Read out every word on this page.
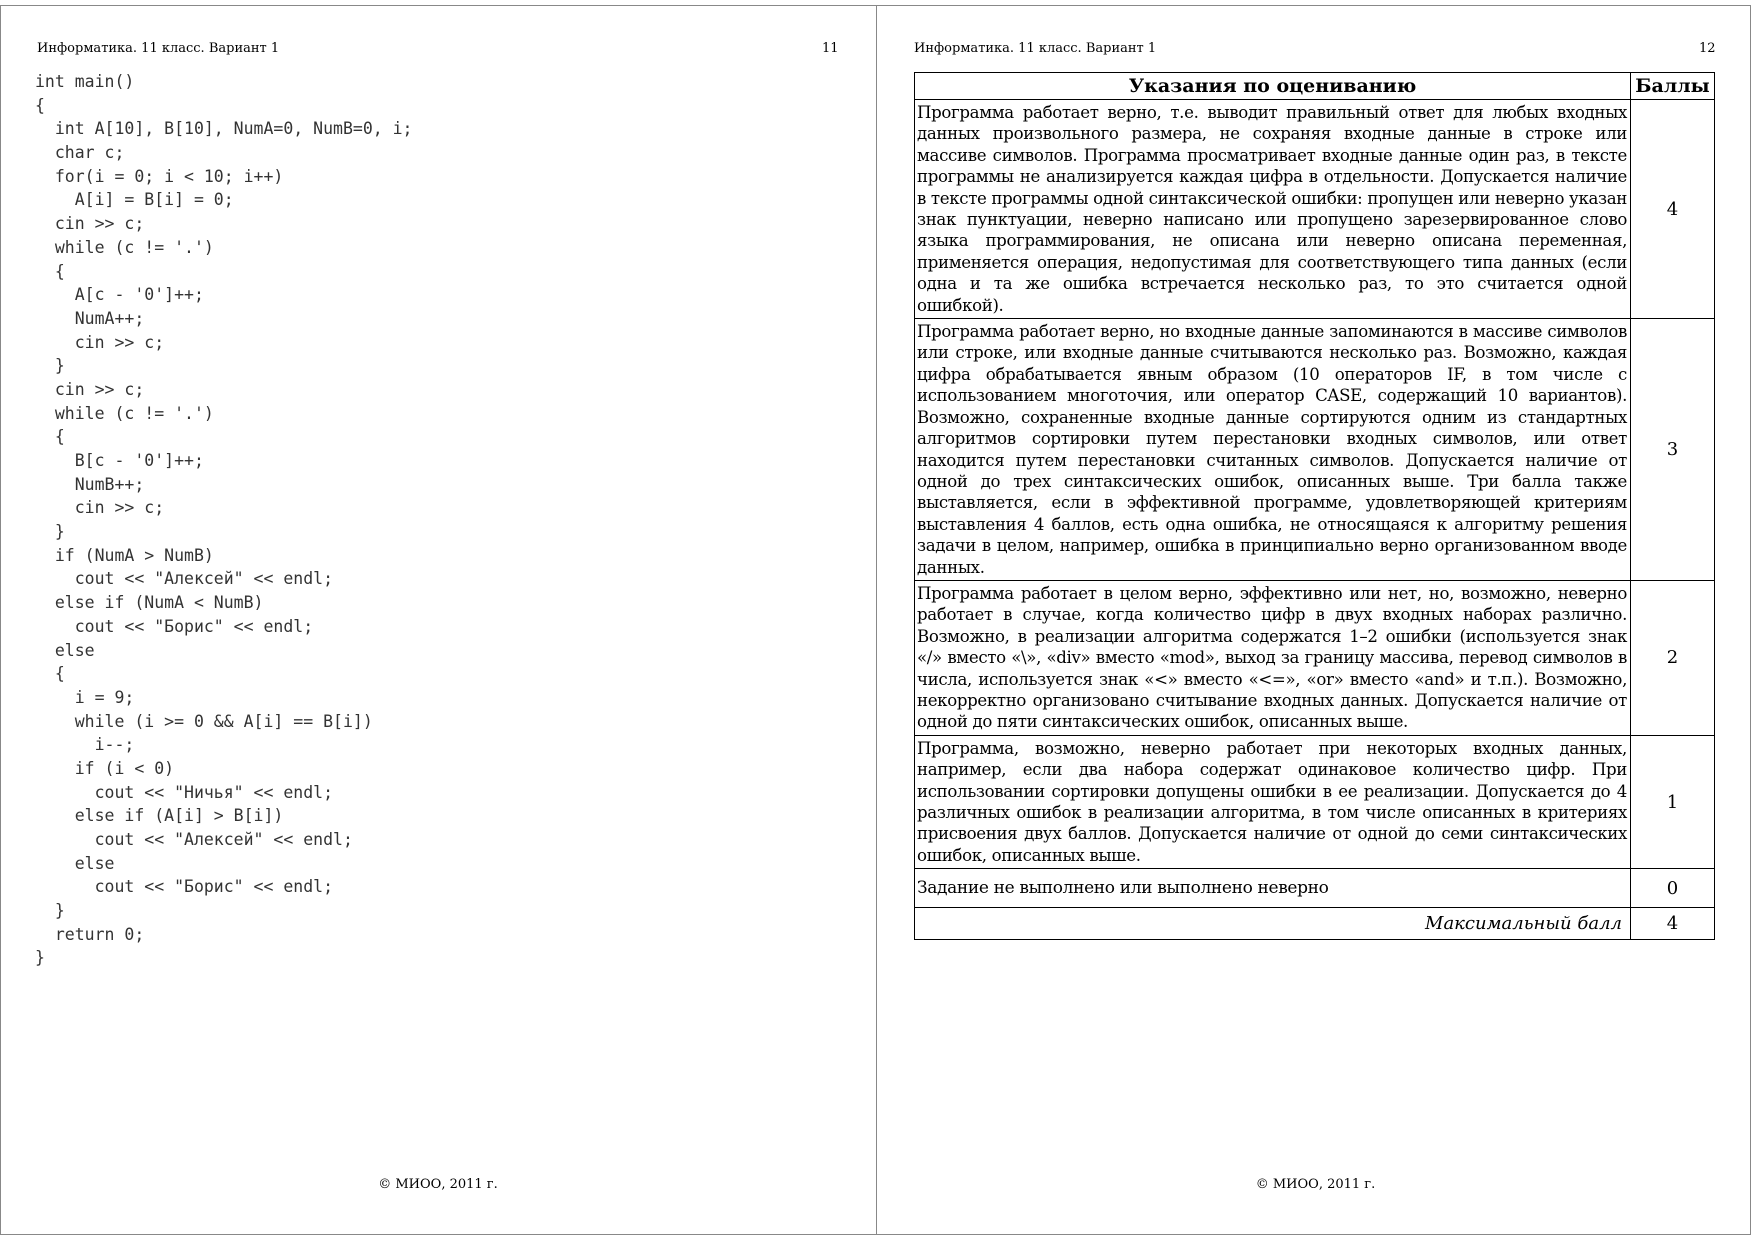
Информатика. 11 класс. Вариант 1	11
int main()
{
int A[10], B[10], NumA=0, NumB=0, i;
char c;
for(i = 0; i < 10; i++)
A[i] = B[i] = 0;
cin >> c;
while (c != '.')
{
A[c - '0']++;
NumA++;
cin >> c;
}
cin >> c;
while (c != '.')
{
B[c - '0']++;
NumB++;
cin >> c;
}
if (NumA > NumB)
cout << "Алексей" << endl;
else if (NumA < NumB)
cout << "Борис" << endl;
else
{
i = 9;
while (i >= 0 && A[i] == B[i])
i--;
if (i < 0)
cout << "Ничья" << endl;
else if (A[i] > B[i])
cout << "Алексей" << endl;
else
cout << "Борис" << endl;
}
return 0;
}
© МИОО, 2011 г.
Информатика. 11 класс. Вариант 1	12
Указания по оцениванию	Баллы
Программа работает верно, т.е. выводит правильный ответ для любых входных данных произвольного размера, не сохраняя входные данные в строке или массиве символов. Программа просматривает входные данные один раз, в тексте программы не анализируется каждая цифра в отдельности. Допускается наличие в тексте программы одной синтаксической ошибки: пропущен или неверно указан знак пунктуации, неверно написано или пропущено зарезервированное слово языка программирования, не описана или неверно описана переменная, применяется операция, недопустимая для соответствующего типа данных (если одна и та же ошибка встречается несколько раз, то это считается одной ошибкой).	4
Программа работает верно, но входные данные запоминаются в массиве символов или строке, или входные данные считываются несколько раз. Возможно, каждая цифра обрабатывается явным образом (10 операторов IF, в том числе с использованием многоточия, или оператор CASE, содержащий 10 вариантов). Возможно, сохраненные входные данные сортируются одним из стандартных алгоритмов сортировки путем перестановки входных символов, или ответ находится путем перестановки считанных символов. Допускается наличие от одной до трех синтаксических ошибок, описанных выше. Три балла также выставляется, если в эффективной программе, удовлетворяющей критериям выставления 4 баллов, есть одна ошибка, не относящаяся к алгоритму решения задачи в целом, например, ошибка в принципиально верно организованном вводе данных.	3
Программа работает в целом верно, эффективно или нет, но, возможно, неверно работает в случае, когда количество цифр в двух входных наборах различно. Возможно, в реализации алгоритма содержатся 1–2 ошибки (используется знак «/» вместо «\», «div» вместо «mod», выход за границу массива, перевод символов в числа, используется знак «<» вместо «<=», «or» вместо «and» и т.п.). Возможно, некорректно организовано считывание входных данных. Допускается наличие от одной до пяти синтаксических ошибок, описанных выше.	2
Программа, возможно, неверно работает при некоторых входных данных, например, если два набора содержат одинаковое количество цифр. При использовании сортировки допущены ошибки в ее реализации. Допускается до 4 различных ошибок в реализации алгоритма, в том числе описанных в критериях присвоения двух баллов. Допускается наличие от одной до семи синтаксических ошибок, описанных выше.	1
Задание не выполнено или выполнено неверно	0
Максимальный балл	4
© МИОО, 2011 г.
